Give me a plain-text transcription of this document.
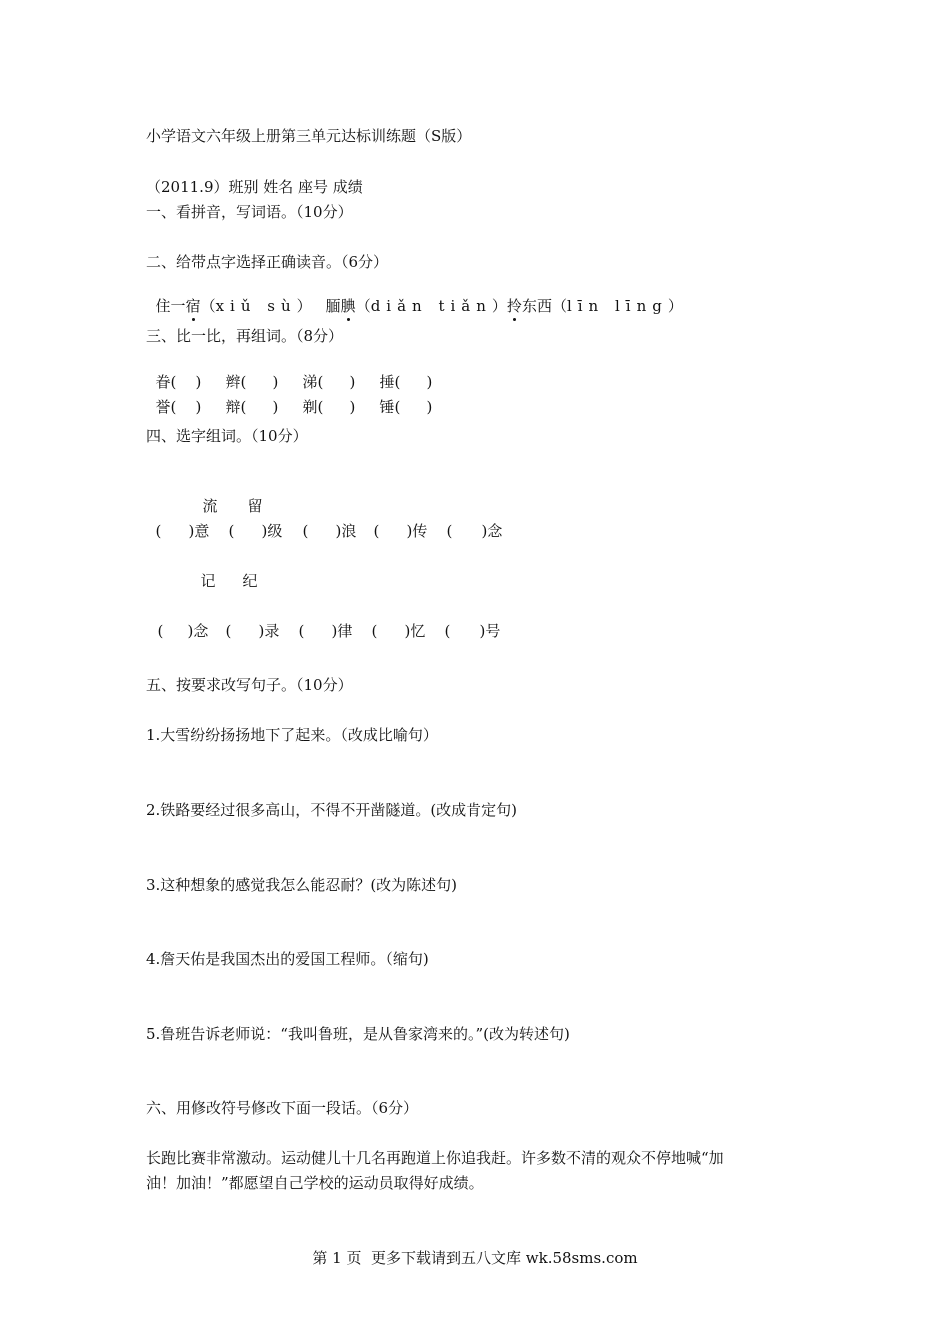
小学语文六年级上册第三单元达标训练题（S版）
（2011.9）班别 姓名 座号 成绩
一、看拼音，写词语。（10分）
二、给带点字选择正确读音。（6分）

住一宿（xiǔ sù） 腼腆（diǎn tiǎn）拎东西（līn līng）

三、比一比，再组词。（8分）

眷( ) 辫( ) 涕( ) 捶( )

誉( ) 辩( ) 剃( ) 锤( )

四、选字组词。（10分）

流 留

( )意 ( )级 ( )浪 ( )传 ( )念

记 纪

( )念 ( )录 ( )律 ( )忆 ( )号

五、按要求改写句子。（10分）
1.大雪纷纷扬扬地下了起来。（改成比喻句）
2.铁路要经过很多高山，不得不开凿隧道。(改成肯定句)
3.这种想象的感觉我怎么能忍耐？(改为陈述句)
4.詹天佑是我国杰出的爱国工程师。（缩句)
5.鲁班告诉老师说：“我叫鲁班，是从鲁家湾来的。”(改为转述句)
六、用修改符号修改下面一段话。（6分）
长跑比赛非常激动。运动健儿十几名再跑道上你追我赶。许多数不清的观众不停地喊“加
油！加油！”都愿望自己学校的运动员取得好成绩。
第 1 页  更多下载请到五八文库 wk.58sms.com
